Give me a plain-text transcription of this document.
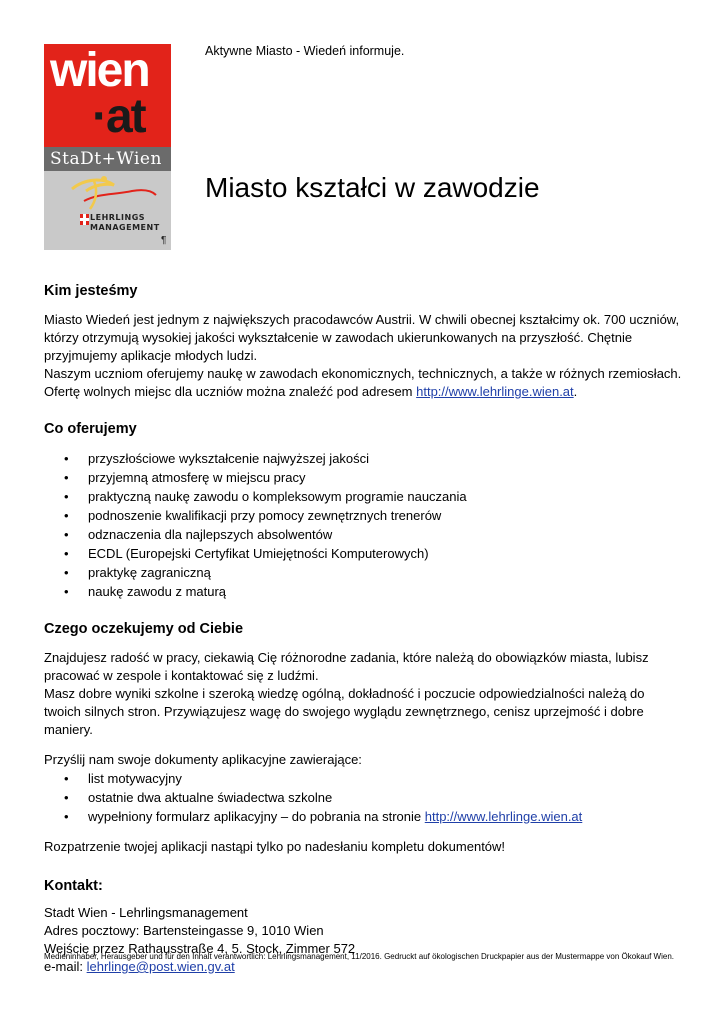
wien
·at
StaDt+Wien
LEHRLINGS
MANAGEMENT
¶
Aktywne Miasto - Wiedeń informuje.
Miasto kształci w zawodzie
Kim jesteśmy

Miasto Wiedeń jest jednym z największych pracodawców Austrii. W chwili obecnej kształcimy ok. 700 uczniów, którzy otrzymują wysokiej jakości wykształcenie w zawodach ukierunkowanych na przyszłość. Chętnie przyjmujemy aplikacje młodych ludzi.

Naszym uczniom oferujemy naukę w zawodach ekonomicznych, technicznych, a także w różnych rzemiosłach. Ofertę wolnych miejsc dla uczniów można znaleźć pod adresem http://www.lehrlinge.wien.at.

Co oferujemy
• przyszłościowe wykształcenie najwyższej jakości
• przyjemną atmosferę w miejscu pracy
• praktyczną naukę zawodu o kompleksowym programie nauczania
• podnoszenie kwalifikacji przy pomocy zewnętrznych trenerów
• odznaczenia dla najlepszych absolwentów
• ECDL (Europejski Certyfikat Umiejętności Komputerowych)
• praktykę zagraniczną
• naukę zawodu z maturą
Czego oczekujemy od Ciebie

Znajdujesz radość w pracy, ciekawią Cię różnorodne zadania, które należą do obowiązków miasta, lubisz pracować w zespole i kontaktować się z ludźmi.

Masz dobre wyniki szkolne i szeroką wiedzę ogólną, dokładność i poczucie odpowiedzialności należą do twoich silnych stron. Przywiązujesz wagę do swojego wyglądu zewnętrznego, cenisz uprzejmość i dobre maniery.

Przyślij nam swoje dokumenty aplikacyjne zawierające:

• list motywacyjny
• ostatnie dwa aktualne świadectwa szkolne
• wypełniony formularz aplikacyjny – do pobrania na stronie http://www.lehrlinge.wien.at

Rozpatrzenie twojej aplikacji nastąpi tylko po nadesłaniu kompletu dokumentów!

Kontakt:

Stadt Wien - Lehrlingsmanagement

Adres pocztowy: Bartensteingasse 9, 1010 Wien

Wejście przez Rathausstraße 4, 5. Stock, Zimmer 572

e-mail: lehrlinge@post.wien.gv.at

Medieninhaber, Herausgeber und für den Inhalt verantwortlich: Lehrlingsmanagement, 11/2016. Gedruckt auf ökologischen Druckpapier aus der Mustermappe von Ökokauf Wien.
